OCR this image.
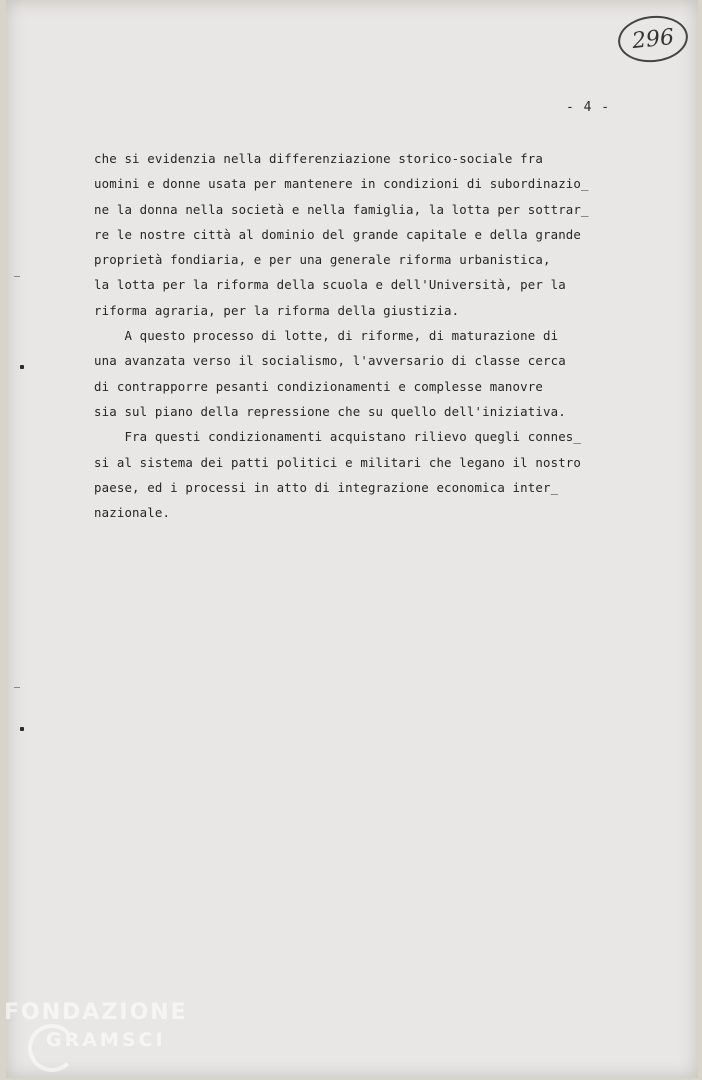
296
- 4 -
che si evidenzia nella differenziazione storico-sociale fra
uomini e donne usata per mantenere in condizioni di subordinazio_
ne la donna nella società e nella famiglia, la lotta per sottrar_
re le nostre città al dominio del grande capitale e della grande
proprietà fondiaria, e per una generale riforma urbanistica,
la lotta per la riforma della scuola e dell'Università, per la
riforma agraria, per la riforma della giustizia.
A questo processo di lotte, di riforme, di maturazione di
una avanzata verso il socialismo, l'avversario di classe cerca
di contrapporre pesanti condizionamenti e complesse manovre
sia sul piano della repressione che su quello dell'iniziativa.
Fra questi condizionamenti acquistano rilievo quegli connes_
si al sistema dei patti politici e militari che legano il nostro
paese, ed i processi in atto di integrazione economica inter_
nazionale.
FONDAZIONE
GRAMSCI
